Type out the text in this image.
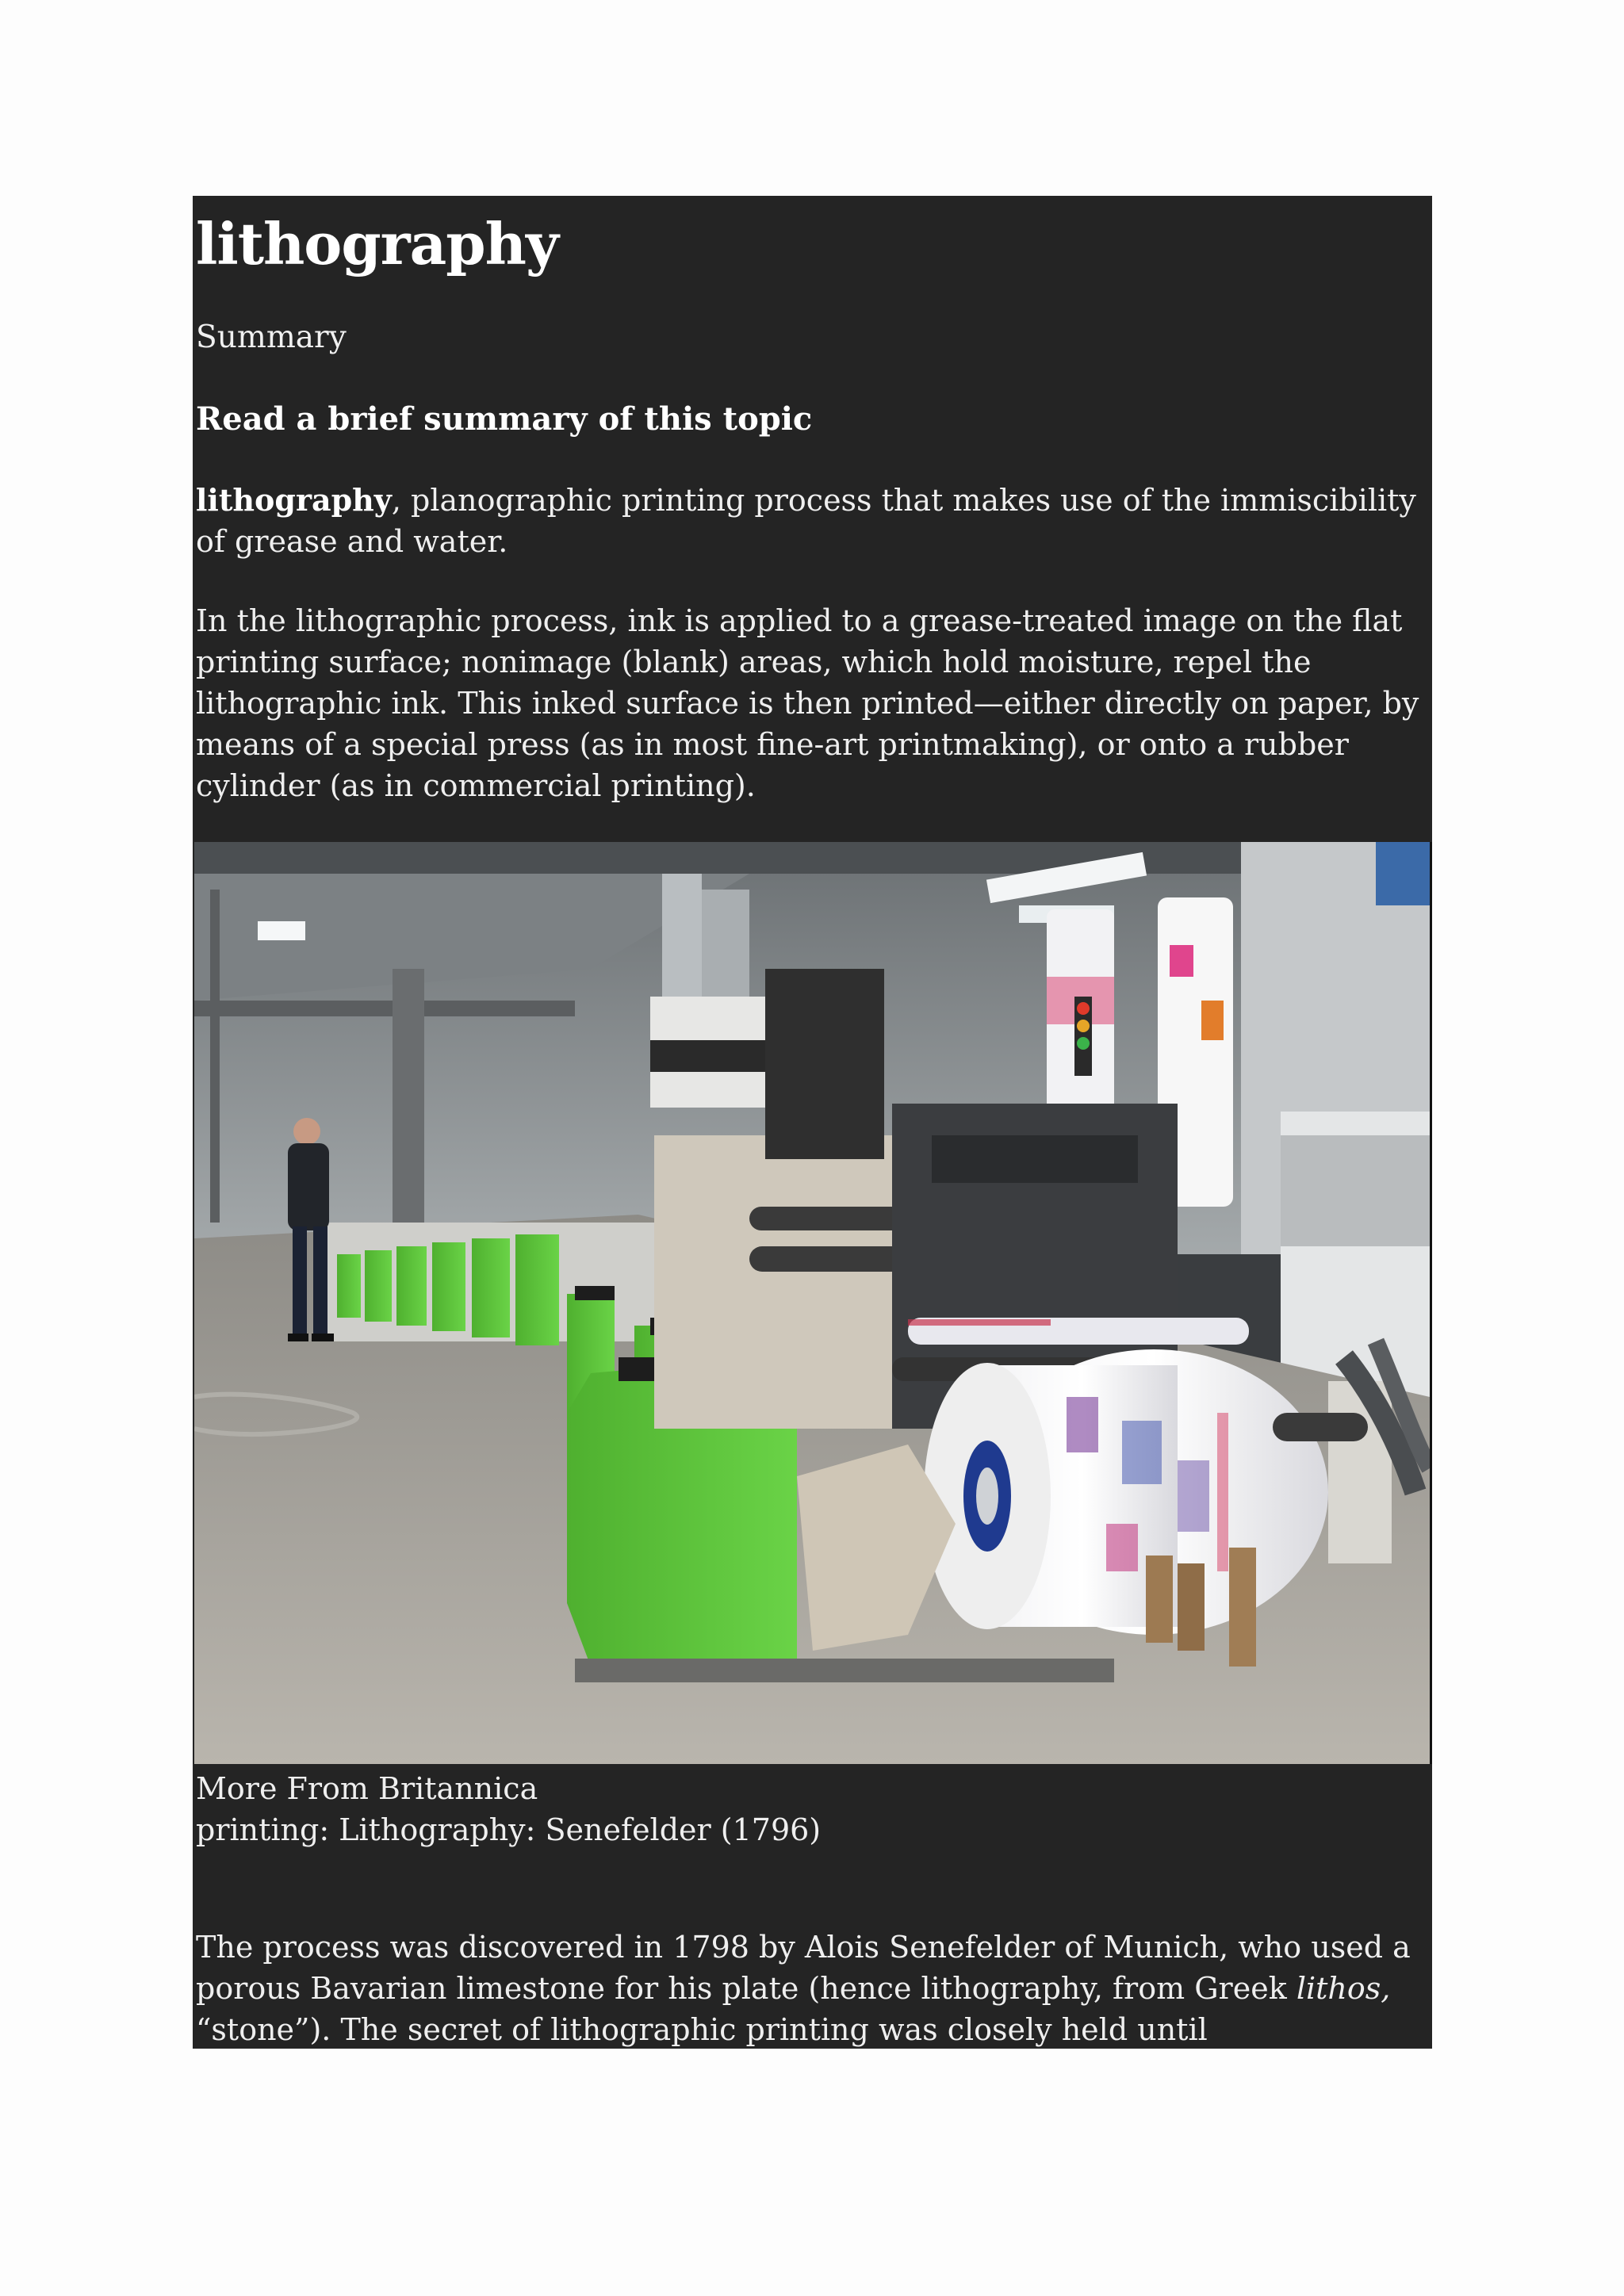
lithography

Summary

Read a brief summary of this topic

lithography, planographic printing process that makes use of the immiscibility of grease and water.

In the lithographic process, ink is applied to a grease-treated image on the flat printing surface; nonimage (blank) areas, which hold moisture, repel the lithographic ink. This inked surface is then printed—either directly on paper, by means of a special press (as in most fine-art printmaking), or onto a rubber cylinder (as in commercial printing).

More From Britannica

printing: Lithography: Senefelder (1796)

The process was discovered in 1798 by Alois Senefelder of Munich, who used a porous Bavarian limestone for his plate (hence lithography, from Greek lithos, “stone”). The secret of lithographic printing was closely held until
